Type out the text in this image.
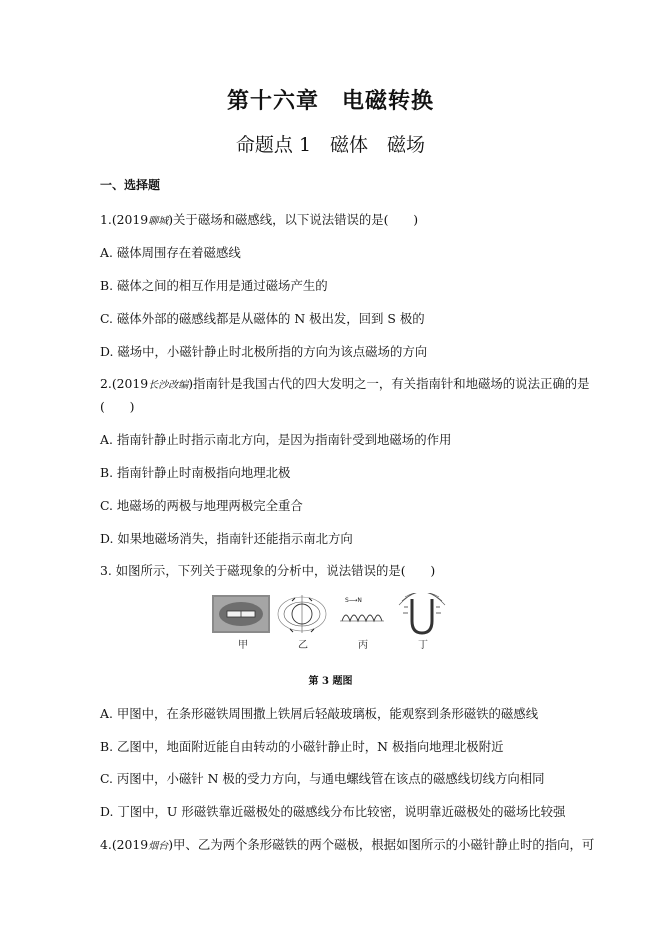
第十六章　电磁转换
命题点 1　磁体　磁场
一、选择题
1.(2019聊城)关于磁场和磁感线，以下说法错误的是(　　)
A. 磁体周围存在着磁感线
B. 磁体之间的相互作用是通过磁场产生的
C. 磁体外部的磁感线都是从磁体的 N 极出发，回到 S 极的
D. 磁场中，小磁针静止时北极所指的方向为该点磁场的方向
2.(2019长沙改编)指南针是我国古代的四大发明之一，有关指南针和地磁场的说法正确的是
(　　)
A. 指南针静止时指示南北方向，是因为指南针受到地磁场的作用
B. 指南针静止时南极指向地理北极
C. 地磁场的两极与地理两极完全重合
D. 如果地磁场消失，指南针还能指示南北方向
3. 如图所示，下列关于磁现象的分析中，说法错误的是(　　)
甲	乙
S⟶N
丙	丁
第 3 题图
A. 甲图中，在条形磁铁周围撒上铁屑后轻敲玻璃板，能观察到条形磁铁的磁感线
B. 乙图中，地面附近能自由转动的小磁针静止时，N 极指向地理北极附近
C. 丙图中，小磁针 N 极的受力方向，与通电螺线管在该点的磁感线切线方向相同
D. 丁图中，U 形磁铁靠近磁极处的磁感线分布比较密，说明靠近磁极处的磁场比较强
4.(2019烟台)甲、乙为两个条形磁铁的两个磁极，根据如图所示的小磁针静止时的指向，可
